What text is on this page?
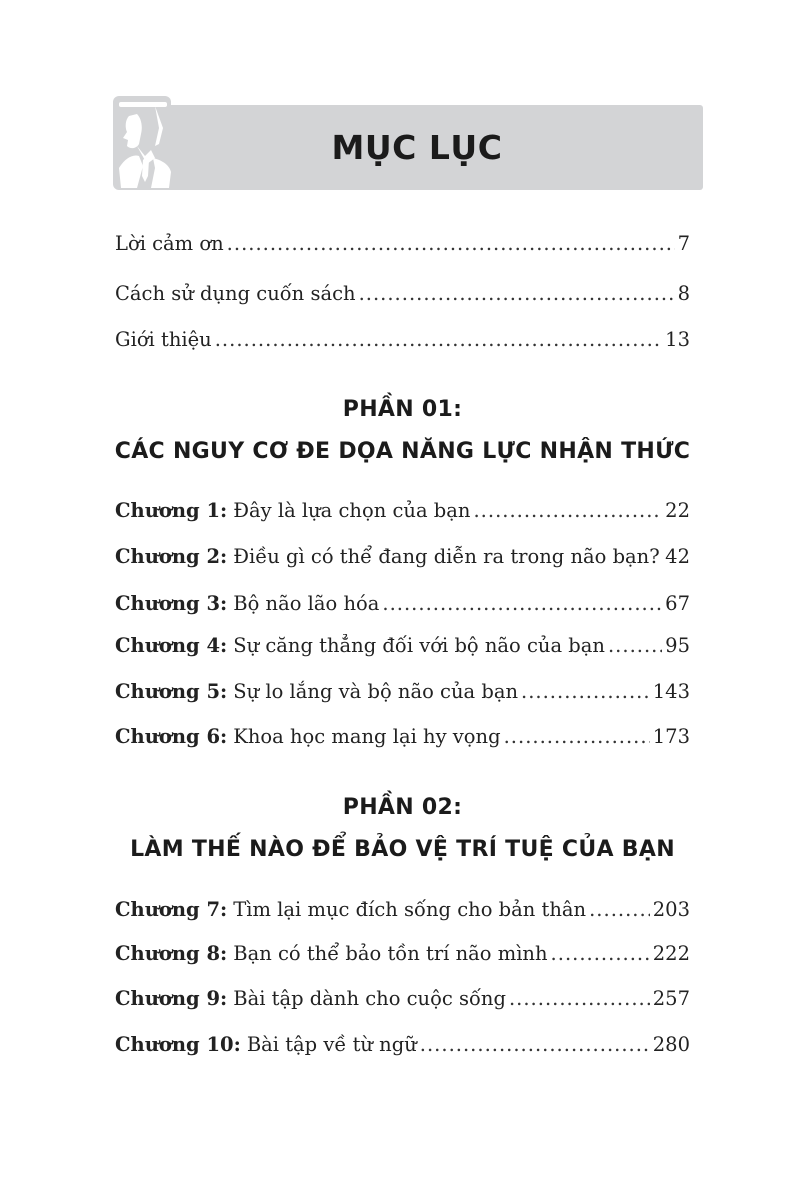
MỤC LỤC
Lời cảm ơn .....	7
Cách sử dụng cuốn sách .....	8
Giới thiệu .....	13
PHẦN 01:
CÁC NGUY CƠ ĐE DỌA NĂNG LỰC NHẬN THỨC
Chương 1: Đây là lựa chọn của bạn .....	22
Chương 2: Điều gì có thể đang diễn ra trong não bạn? ..... 42
Chương 3: Bộ não lão hóa .....	67
Chương 4: Sự căng thẳng đối với bộ não của bạn .....	95
Chương 5: Sự lo lắng và bộ não của bạn .....	143
Chương 6: Khoa học mang lại hy vọng .....	173
PHẦN 02:
LÀM THẾ NÀO ĐỂ BẢO VỆ TRÍ TUỆ CỦA BẠN
Chương 7: Tìm lại mục đích sống cho bản thân .....	203
Chương 8: Bạn có thể bảo tồn trí não mình .....	222
Chương 9: Bài tập dành cho cuộc sống .....	257
Chương 10: Bài tập về từ ngữ .....	280
